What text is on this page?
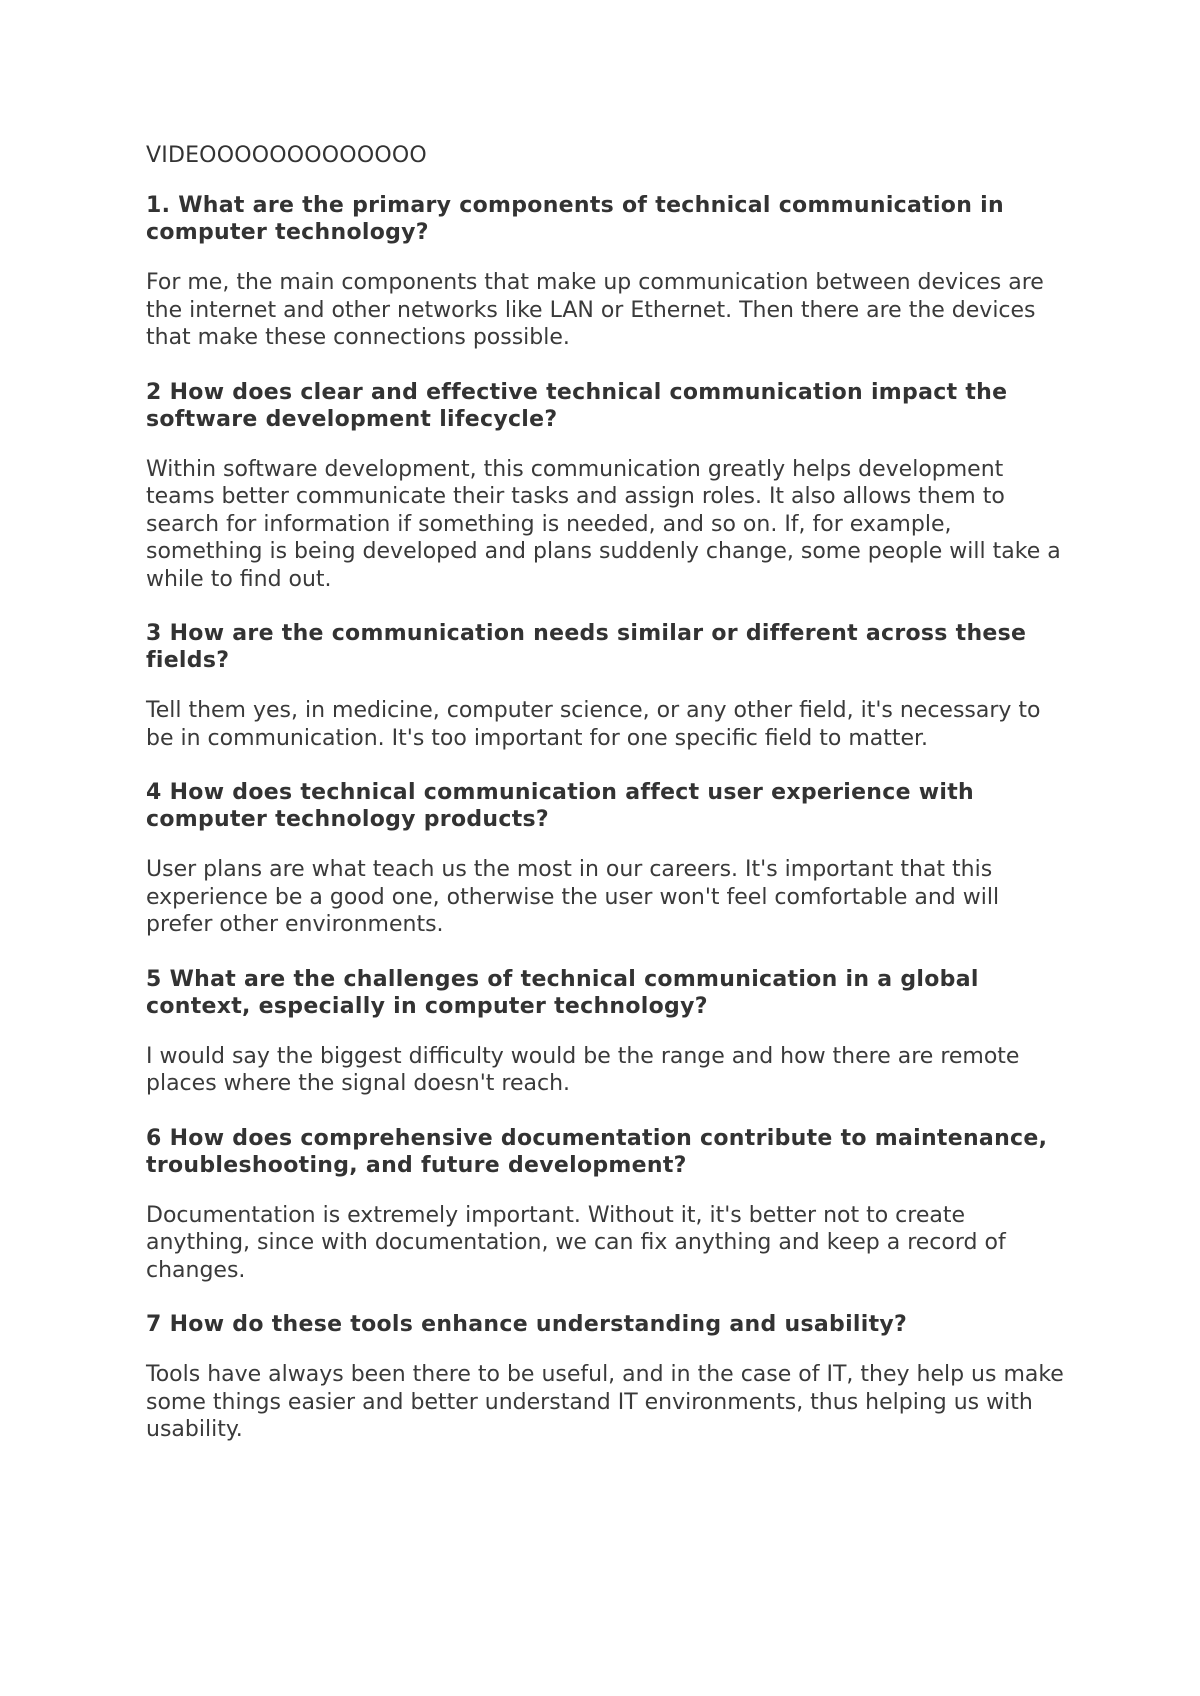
VIDEOOOOOOOOOOOOO
1. What are the primary components of technical communication in computer technology?

For me, the main components that make up communication between devices are the internet and other networks like LAN or Ethernet. Then there are the devices that make these connections possible.

2 How does clear and effective technical communication impact the software development lifecycle?

Within software development, this communication greatly helps development teams better communicate their tasks and assign roles. It also allows them to search for information if something is needed, and so on. If, for example, something is being developed and plans suddenly change, some people will take a while to find out.

3 How are the communication needs similar or different across these fields?

Tell them yes, in medicine, computer science, or any other field, it's necessary to be in communication. It's too important for one specific field to matter.

4 How does technical communication affect user experience with computer technology products?

User plans are what teach us the most in our careers. It's important that this experience be a good one, otherwise the user won't feel comfortable and will prefer other environments.

5 What are the challenges of technical communication in a global context, especially in computer technology?

I would say the biggest difficulty would be the range and how there are remote places where the signal doesn't reach.

6 How does comprehensive documentation contribute to maintenance, troubleshooting, and future development?

Documentation is extremely important. Without it, it's better not to create anything, since with documentation, we can fix anything and keep a record of changes.

7 How do these tools enhance understanding and usability?

Tools have always been there to be useful, and in the case of IT, they help us make some things easier and better understand IT environments, thus helping us with usability.
